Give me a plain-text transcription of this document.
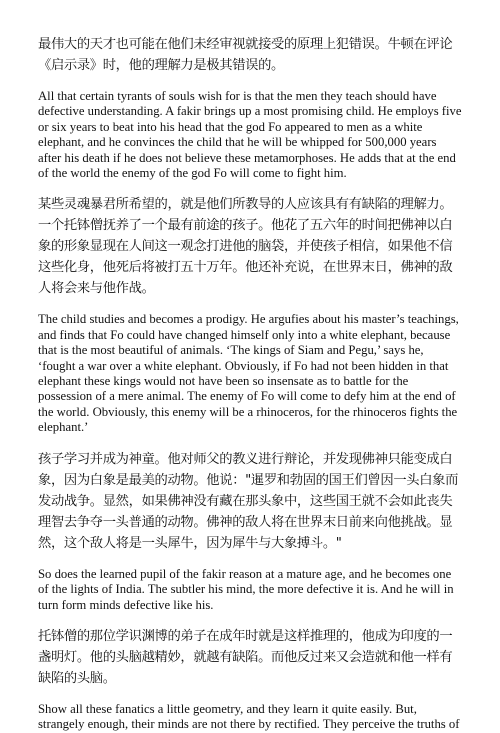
最伟大的天才也可能在他们未经审视就接受的原理上犯错误。牛顿在评论《启示录》时，他的理解力是极其错误的。

All that certain tyrants of souls wish for is that the men they teach should have defective understanding. A fakir brings up a most promising child. He employs five or six years to beat into his head that the god Fo appeared to men as a white elephant, and he convinces the child that he will be whipped for 500,000 years after his death if he does not believe these metamorphoses. He adds that at the end of the world the enemy of the god Fo will come to fight him.

某些灵魂暴君所希望的，就是他们所教导的人应该具有有缺陷的理解力。一个托钵僧抚养了一个最有前途的孩子。他花了五六年的时间把佛神以白象的形象显现在人间这一观念打进他的脑袋，并使孩子相信，如果他不信这些化身，他死后将被打五十万年。他还补充说，在世界末日，佛神的敌人将会来与他作战。

The child studies and becomes a prodigy. He argufies about his master’s teachings, and finds that Fo could have changed himself only into a white elephant, because that is the most beautiful of animals. ‘The kings of Siam and Pegu,’ says he, ‘fought a war over a white elephant. Obviously, if Fo had not been hidden in that elephant these kings would not have been so insensate as to battle for the possession of a mere animal. The enemy of Fo will come to defy him at the end of the world. Obviously, this enemy will be a rhinoceros, for the rhinoceros fights the elephant.’

孩子学习并成为神童。他对师父的教义进行辩论，并发现佛神只能变成白象，因为白象是最美的动物。他说："暹罗和勃固的国王们曾因一头白象而发动战争。显然，如果佛神没有藏在那头象中，这些国王就不会如此丧失理智去争夺一头普通的动物。佛神的敌人将在世界末日前来向他挑战。显然，这个敌人将是一头犀牛，因为犀牛与大象搏斗。"

So does the learned pupil of the fakir reason at a mature age, and he becomes one of the lights of India. The subtler his mind, the more defective it is. And he will in turn form minds defective like his.

托钵僧的那位学识渊博的弟子在成年时就是这样推理的，他成为印度的一盏明灯。他的头脑越精妙，就越有缺陷。而他反过来又会造就和他一样有缺陷的头脑。

Show all these fanatics a little geometry, and they learn it quite easily. But, strangely enough, their minds are not there by rectified. They perceive the truths of
